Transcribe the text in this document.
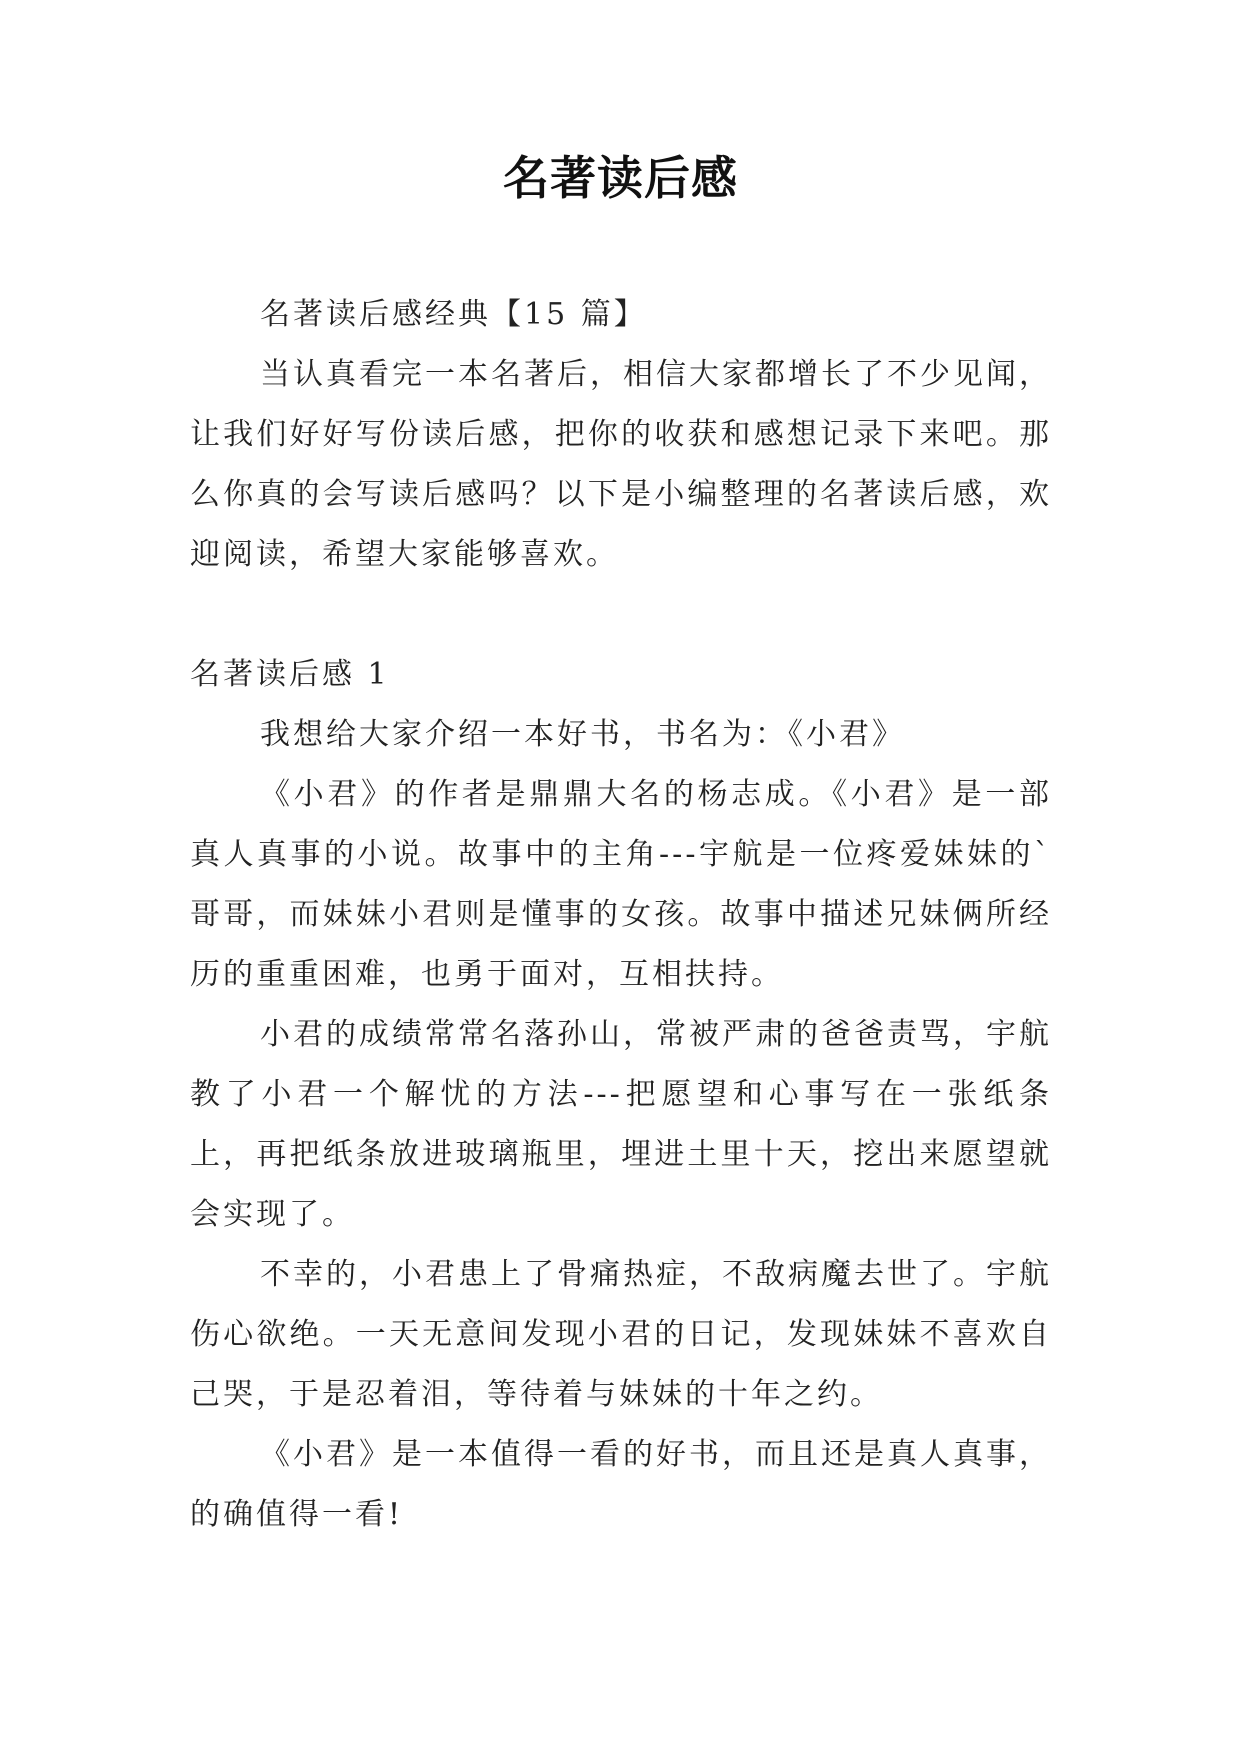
名著读后感

名著读后感经典【15 篇】

当认真看完一本名著后，相信大家都增长了不少见闻，让我们好好写份读后感，把你的收获和感想记录下来吧。那么你真的会写读后感吗？以下是小编整理的名著读后感，欢迎阅读，希望大家能够喜欢。

名著读后感 1

我想给大家介绍一本好书，书名为：《小君》

《小君》的作者是鼎鼎大名的杨志成。《小君》是一部真人真事的小说。故事中的主角---宇航是一位疼爱妹妹的`哥哥，而妹妹小君则是懂事的女孩。故事中描述兄妹俩所经历的重重困难，也勇于面对，互相扶持。

小君的成绩常常名落孙山，常被严肃的爸爸责骂，宇航教了小君一个解忧的方法---把愿望和心事写在一张纸条上，再把纸条放进玻璃瓶里，埋进土里十天，挖出来愿望就会实现了。

不幸的，小君患上了骨痛热症，不敌病魔去世了。宇航伤心欲绝。一天无意间发现小君的日记，发现妹妹不喜欢自己哭，于是忍着泪，等待着与妹妹的十年之约。

《小君》是一本值得一看的好书，而且还是真人真事，的确值得一看!
